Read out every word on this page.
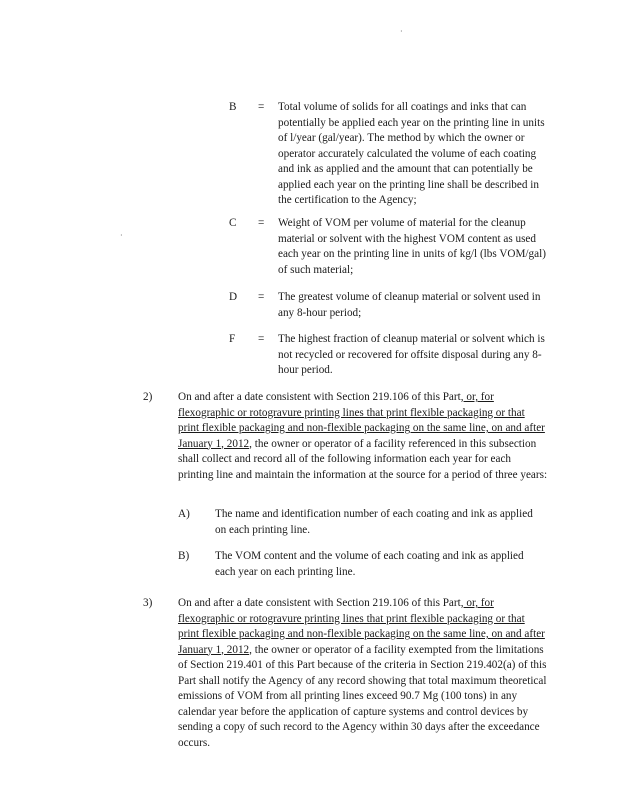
·
·
B = Total volume of solids for all coatings and inks that can potentially be applied each year on the printing line in units of l/year (gal/year). The method by which the owner or operator accurately calculated the volume of each coating and ink as applied and the amount that can potentially be applied each year on the printing line shall be described in the certification to the Agency;
C = Weight of VOM per volume of material for the cleanup material or solvent with the highest VOM content as used each year on the printing line in units of kg/l (lbs VOM/gal) of such material;
D = The greatest volume of cleanup material or solvent used in any 8-hour period;
F = The highest fraction of cleanup material or solvent which is not recycled or recovered for offsite disposal during any 8-hour period.
2) On and after a date consistent with Section 219.106 of this Part, or, for flexographic or rotogravure printing lines that print flexible packaging or that print flexible packaging and non-flexible packaging on the same line, on and after January 1, 2012, the owner or operator of a facility referenced in this subsection shall collect and record all of the following information each year for each printing line and maintain the information at the source for a period of three years:
A) The name and identification number of each coating and ink as applied on each printing line.
B) The VOM content and the volume of each coating and ink as applied each year on each printing line.
3) On and after a date consistent with Section 219.106 of this Part, or, for flexographic or rotogravure printing lines that print flexible packaging or that print flexible packaging and non-flexible packaging on the same line, on and after January 1, 2012, the owner or operator of a facility exempted from the limitations of Section 219.401 of this Part because of the criteria in Section 219.402(a) of this Part shall notify the Agency of any record showing that total maximum theoretical emissions of VOM from all printing lines exceed 90.7 Mg (100 tons) in any calendar year before the application of capture systems and control devices by sending a copy of such record to the Agency within 30 days after the exceedance occurs.
